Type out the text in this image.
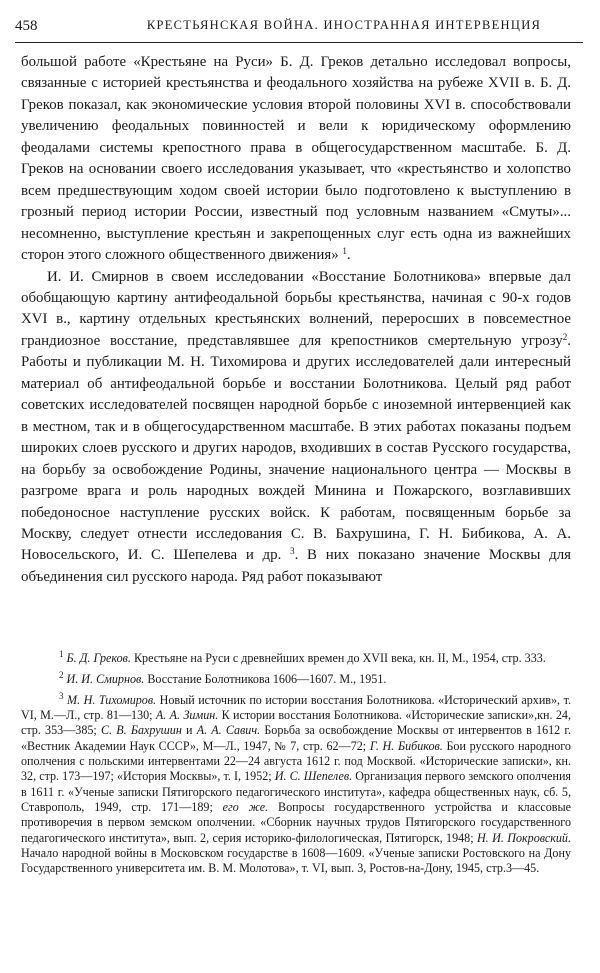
458	КРЕСТЬЯНСКАЯ ВОЙНА. ИНОСТРАННАЯ ИНТЕРВЕНЦИЯ

большой работе «Крестьяне на Руси» Б. Д. Греков детально исследовал вопросы, связанные с историей крестьянства и феодального хозяйства на рубеже XVII в. Б. Д. Греков показал, как экономические условия второй половины XVI в. способствовали увеличению феодальных повинностей и вели к юридическому оформлению феодалами системы крепостного права в общегосударственном масштабе. Б. Д. Греков на основании своего исследования указывает, что «крестьянство и холопство всем предшествующим ходом своей истории было подготовлено к выступлению в грозный период истории России, известный под условным названием «Смуты»... несомненно, выступление крестьян и закрепощенных слуг есть одна из важнейших сторон этого сложного общественного движения» $^1$.

И. И. Смирнов в своем исследовании «Восстание Болотникова» впервые дал обобщающую картину антифеодальной борьбы крестьянства, начиная с 90-х годов XVI в., картину отдельных крестьянских волнений, переросших в повсеместное грандиозное восстание, представлявшее для крепостников смертельную угрозу$^2$. Работы и публикации М. Н. Тихомирова и других исследователей дали интересный материал об антифеодальной борьбе и восстании Болотникова. Целый ряд работ советских исследователей посвящен народной борьбе с иноземной интервенцией как в местном, так и в общегосударственном масштабе. В этих работах показаны подъем широких слоев русского и других народов, входивших в состав Русского государства, на борьбу за освобождение Родины, значение национального центра — Москвы в разгроме врага и роль народных вождей Минина и Пожарского, возглавивших победоносное наступление русских войск. К работам, посвященным борьбе за Москву, следует отнести исследования С. В. Бахрушина, Г. Н. Бибикова, А. А. Новосельского, И. С. Шепелева и др. $^3$. В них показано значение Москвы для объединения сил русского народа. Ряд работ показывают

$^1$ Б. Д. Греков. Крестьяне на Руси с древнейших времен до XVII века, кн. II, М., 1954, стр. 333.

$^2$ И. И. Смирнов. Восстание Болотникова 1606—1607. М., 1951.

$^3$ М. Н. Тихомиров. Новый источник по истории восстания Болотникова. «Исторический архив», т. VI, М.—Л., стр. 81—130; А. А. Зимин. К истории восстания Болотникова. «Исторические записки»,кн. 24, стр. 353—385; С. В. Бахрушин и А. А. Савич. Борьба за освобождение Москвы от интервентов в 1612 г. «Вестник Академии Наук СССР», М—Л., 1947, № 7, стр. 62—72; Г. Н. Бибиков. Бои русского народного ополчения с польскими интервентами 22—24 августа 1612 г. под Москвой. «Исторические записки», кн. 32, стр. 173—197; «История Москвы», т. I, 1952; И. С. Шепелев. Организация первого земского ополчения в 1611 г. «Ученые записки Пятигорского педагогического института», кафедра общественных наук, сб. 5, Ставрополь, 1949, стр. 171—189; его же. Вопросы государственного устройства и классовые противоречия в первом земском ополчении. «Сборник научных трудов Пятигорского государственного педагогического института», вып. 2, серия историко-филологическая, Пятигорск, 1948; Н. И. Покровский. Начало народной войны в Московском государстве в 1608—1609. «Ученые записки Ростовского на Дону Государственного университета им. В. М. Молотова», т. VI, вып. 3, Ростов-на-Дону, 1945, стр.3—45.
